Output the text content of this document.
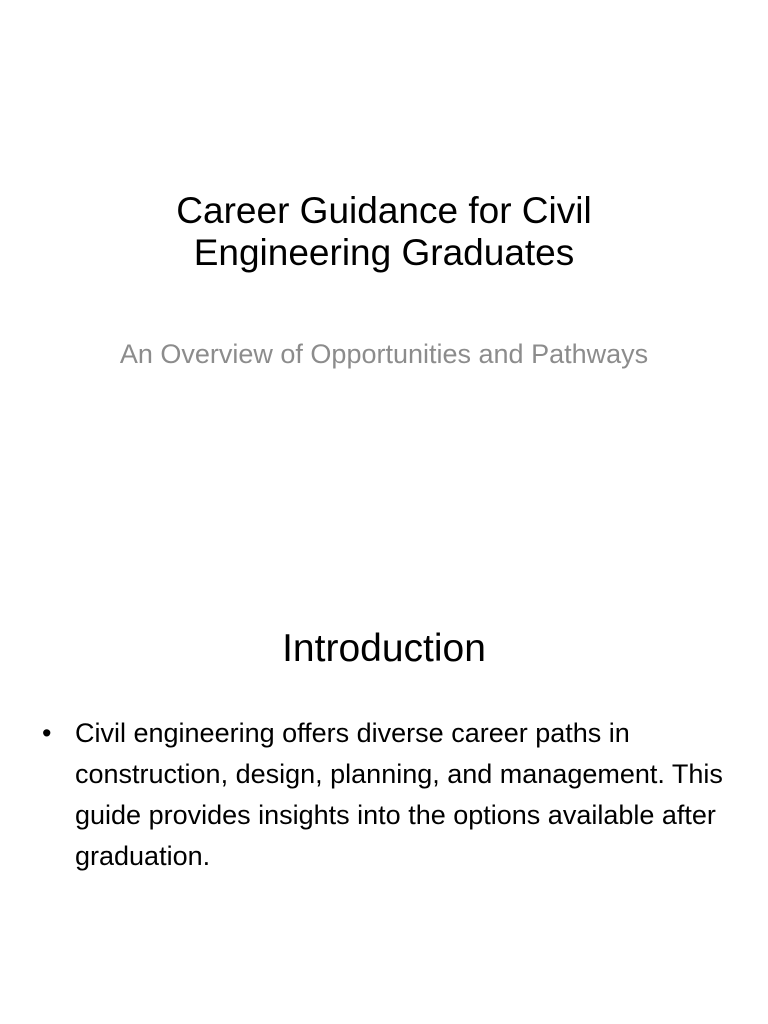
Career Guidance for Civil Engineering Graduates
An Overview of Opportunities and Pathways
Introduction
• Civil engineering offers diverse career paths in construction, design, planning, and management. This guide provides insights into the options available after graduation.
